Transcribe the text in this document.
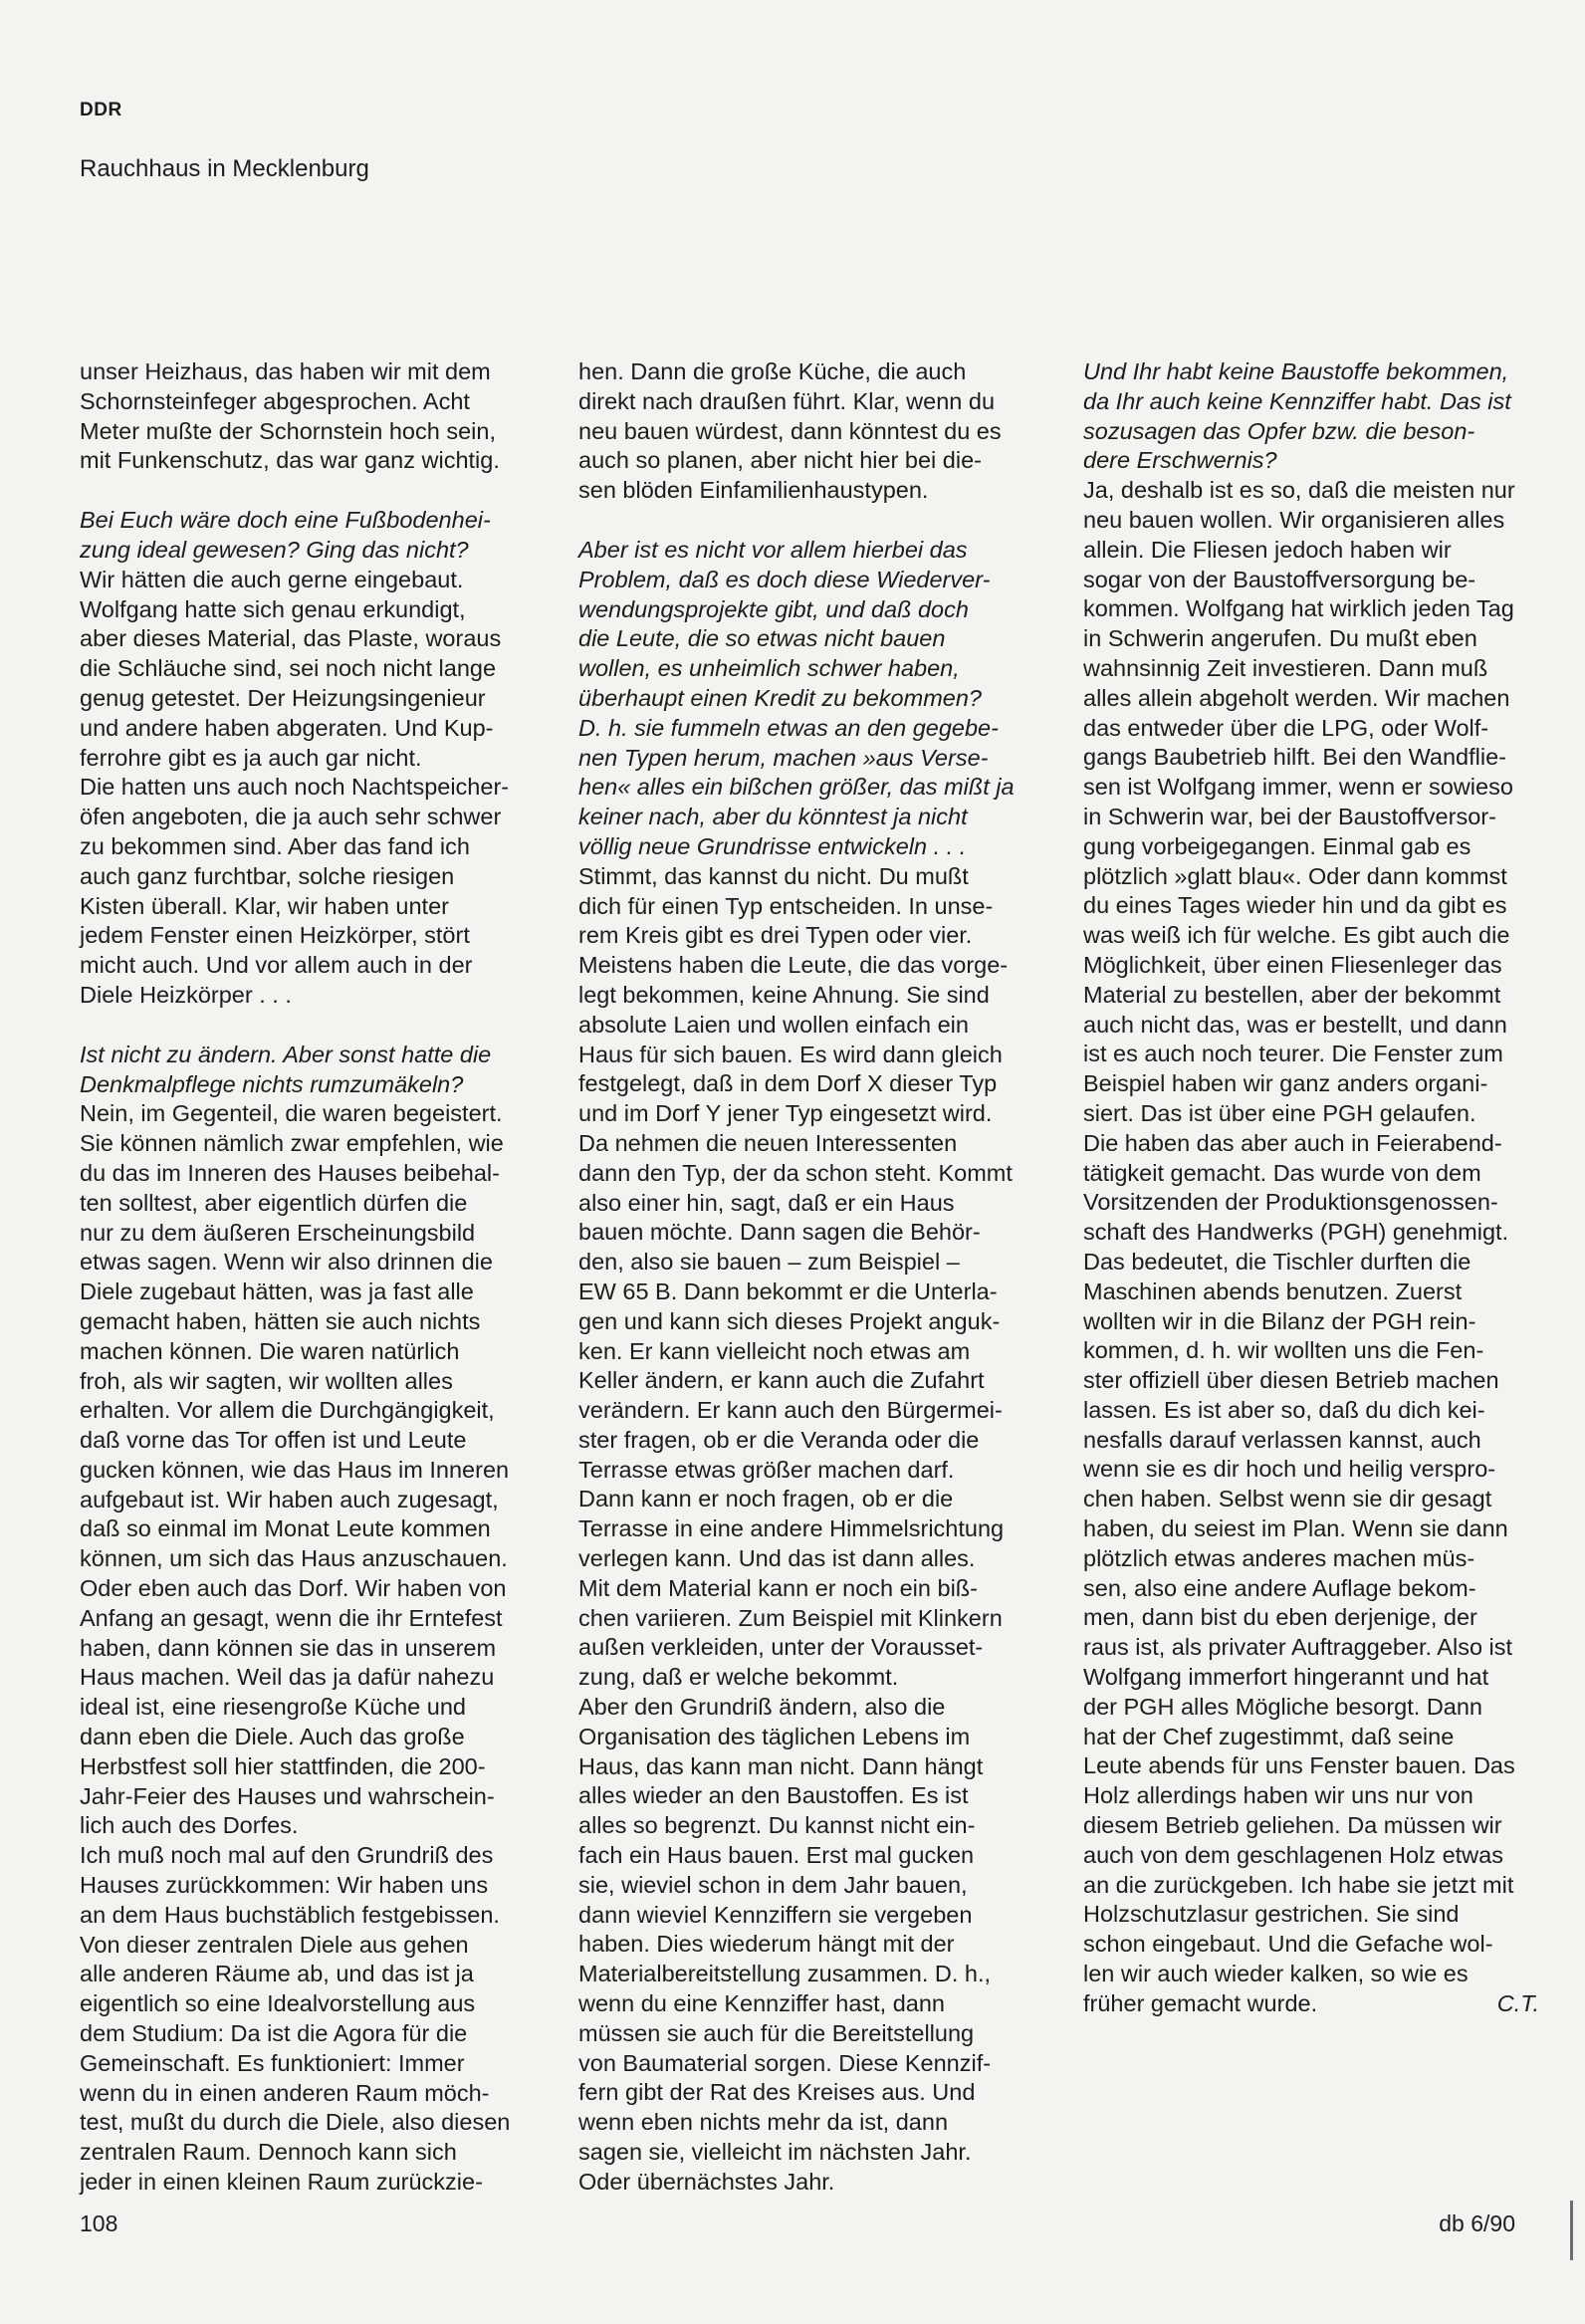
DDR
Rauchhaus in Mecklenburg

unser Heizhaus, das haben wir mit dem
Schornsteinfeger abgesprochen. Acht
Meter mußte der Schornstein hoch sein,
mit Funkenschutz, das war ganz wichtig.

Bei Euch wäre doch eine Fußbodenhei-
zung ideal gewesen? Ging das nicht?

Wir hätten die auch gerne eingebaut.
Wolfgang hatte sich genau erkundigt,
aber dieses Material, das Plaste, woraus
die Schläuche sind, sei noch nicht lange
genug getestet. Der Heizungsingenieur
und andere haben abgeraten. Und Kup-
ferrohre gibt es ja auch gar nicht.
Die hatten uns auch noch Nachtspeicher-
öfen angeboten, die ja auch sehr schwer
zu bekommen sind. Aber das fand ich
auch ganz furchtbar, solche riesigen
Kisten überall. Klar, wir haben unter
jedem Fenster einen Heizkörper, stört
micht auch. Und vor allem auch in der
Diele Heizkörper . . .

Ist nicht zu ändern. Aber sonst hatte die
Denkmalpflege nichts rumzumäkeln?

Nein, im Gegenteil, die waren begeistert.
Sie können nämlich zwar empfehlen, wie
du das im Inneren des Hauses beibehal-
ten solltest, aber eigentlich dürfen die
nur zu dem äußeren Erscheinungsbild
etwas sagen. Wenn wir also drinnen die
Diele zugebaut hätten, was ja fast alle
gemacht haben, hätten sie auch nichts
machen können. Die waren natürlich
froh, als wir sagten, wir wollten alles
erhalten. Vor allem die Durchgängigkeit,
daß vorne das Tor offen ist und Leute
gucken können, wie das Haus im Inneren
aufgebaut ist. Wir haben auch zugesagt,
daß so einmal im Monat Leute kommen
können, um sich das Haus anzuschauen.
Oder eben auch das Dorf. Wir haben von
Anfang an gesagt, wenn die ihr Erntefest
haben, dann können sie das in unserem
Haus machen. Weil das ja dafür nahezu
ideal ist, eine riesengroße Küche und
dann eben die Diele. Auch das große
Herbstfest soll hier stattfinden, die 200-
Jahr-Feier des Hauses und wahrschein-
lich auch des Dorfes.
Ich muß noch mal auf den Grundriß des
Hauses zurückkommen: Wir haben uns
an dem Haus buchstäblich festgebissen.
Von dieser zentralen Diele aus gehen
alle anderen Räume ab, und das ist ja
eigentlich so eine Idealvorstellung aus
dem Studium: Da ist die Agora für die
Gemeinschaft. Es funktioniert: Immer
wenn du in einen anderen Raum möch-
test, mußt du durch die Diele, also diesen
zentralen Raum. Dennoch kann sich
jeder in einen kleinen Raum zurückzie-

hen. Dann die große Küche, die auch
direkt nach draußen führt. Klar, wenn du
neu bauen würdest, dann könntest du es
auch so planen, aber nicht hier bei die-
sen blöden Einfamilienhaustypen.

Aber ist es nicht vor allem hierbei das
Problem, daß es doch diese Wiederver-
wendungsprojekte gibt, und daß doch
die Leute, die so etwas nicht bauen
wollen, es unheimlich schwer haben,
überhaupt einen Kredit zu bekommen?
D. h. sie fummeln etwas an den gegebe-
nen Typen herum, machen »aus Verse-
hen« alles ein bißchen größer, das mißt ja
keiner nach, aber du könntest ja nicht
völlig neue Grundrisse entwickeln . . .

Stimmt, das kannst du nicht. Du mußt
dich für einen Typ entscheiden. In unse-
rem Kreis gibt es drei Typen oder vier.
Meistens haben die Leute, die das vorge-
legt bekommen, keine Ahnung. Sie sind
absolute Laien und wollen einfach ein
Haus für sich bauen. Es wird dann gleich
festgelegt, daß in dem Dorf X dieser Typ
und im Dorf Y jener Typ eingesetzt wird.
Da nehmen die neuen Interessenten
dann den Typ, der da schon steht. Kommt
also einer hin, sagt, daß er ein Haus
bauen möchte. Dann sagen die Behör-
den, also sie bauen – zum Beispiel –
EW 65 B. Dann bekommt er die Unterla-
gen und kann sich dieses Projekt anguk-
ken. Er kann vielleicht noch etwas am
Keller ändern, er kann auch die Zufahrt
verändern. Er kann auch den Bürgermei-
ster fragen, ob er die Veranda oder die
Terrasse etwas größer machen darf.
Dann kann er noch fragen, ob er die
Terrasse in eine andere Himmelsrichtung
verlegen kann. Und das ist dann alles.
Mit dem Material kann er noch ein biß-
chen variieren. Zum Beispiel mit Klinkern
außen verkleiden, unter der Vorausset-
zung, daß er welche bekommt.
Aber den Grundriß ändern, also die
Organisation des täglichen Lebens im
Haus, das kann man nicht. Dann hängt
alles wieder an den Baustoffen. Es ist
alles so begrenzt. Du kannst nicht ein-
fach ein Haus bauen. Erst mal gucken
sie, wieviel schon in dem Jahr bauen,
dann wieviel Kennziffern sie vergeben
haben. Dies wiederum hängt mit der
Materialbereitstellung zusammen. D. h.,
wenn du eine Kennziffer hast, dann
müssen sie auch für die Bereitstellung
von Baumaterial sorgen. Diese Kennzif-
fern gibt der Rat des Kreises aus. Und
wenn eben nichts mehr da ist, dann
sagen sie, vielleicht im nächsten Jahr.
Oder übernächstes Jahr.

Und Ihr habt keine Baustoffe bekommen,
da Ihr auch keine Kennziffer habt. Das ist
sozusagen das Opfer bzw. die beson-
dere Erschwernis?

Ja, deshalb ist es so, daß die meisten nur
neu bauen wollen. Wir organisieren alles
allein. Die Fliesen jedoch haben wir
sogar von der Baustoffversorgung be-
kommen. Wolfgang hat wirklich jeden Tag
in Schwerin angerufen. Du mußt eben
wahnsinnig Zeit investieren. Dann muß
alles allein abgeholt werden. Wir machen
das entweder über die LPG, oder Wolf-
gangs Baubetrieb hilft. Bei den Wandflie-
sen ist Wolfgang immer, wenn er sowieso
in Schwerin war, bei der Baustoffversor-
gung vorbeigegangen. Einmal gab es
plötzlich »glatt blau«. Oder dann kommst
du eines Tages wieder hin und da gibt es
was weiß ich für welche. Es gibt auch die
Möglichkeit, über einen Fliesenleger das
Material zu bestellen, aber der bekommt
auch nicht das, was er bestellt, und dann
ist es auch noch teurer. Die Fenster zum
Beispiel haben wir ganz anders organi-
siert. Das ist über eine PGH gelaufen.
Die haben das aber auch in Feierabend-
tätigkeit gemacht. Das wurde von dem
Vorsitzenden der Produktionsgenossen-
schaft des Handwerks (PGH) genehmigt.
Das bedeutet, die Tischler durften die
Maschinen abends benutzen. Zuerst
wollten wir in die Bilanz der PGH rein-
kommen, d. h. wir wollten uns die Fen-
ster offiziell über diesen Betrieb machen
lassen. Es ist aber so, daß du dich kei-
nesfalls darauf verlassen kannst, auch
wenn sie es dir hoch und heilig verspro-
chen haben. Selbst wenn sie dir gesagt
haben, du seiest im Plan. Wenn sie dann
plötzlich etwas anderes machen müs-
sen, also eine andere Auflage bekom-
men, dann bist du eben derjenige, der
raus ist, als privater Auftraggeber. Also ist
Wolfgang immerfort hingerannt und hat
der PGH alles Mögliche besorgt. Dann
hat der Chef zugestimmt, daß seine
Leute abends für uns Fenster bauen. Das
Holz allerdings haben wir uns nur von
diesem Betrieb geliehen. Da müssen wir
auch von dem geschlagenen Holz etwas
an die zurückgeben. Ich habe sie jetzt mit
Holzschutzlasur gestrichen. Sie sind
schon eingebaut. Und die Gefache wol-
len wir auch wieder kalken, so wie es
früher gemacht wurde.	C.T.

108	db 6/90
